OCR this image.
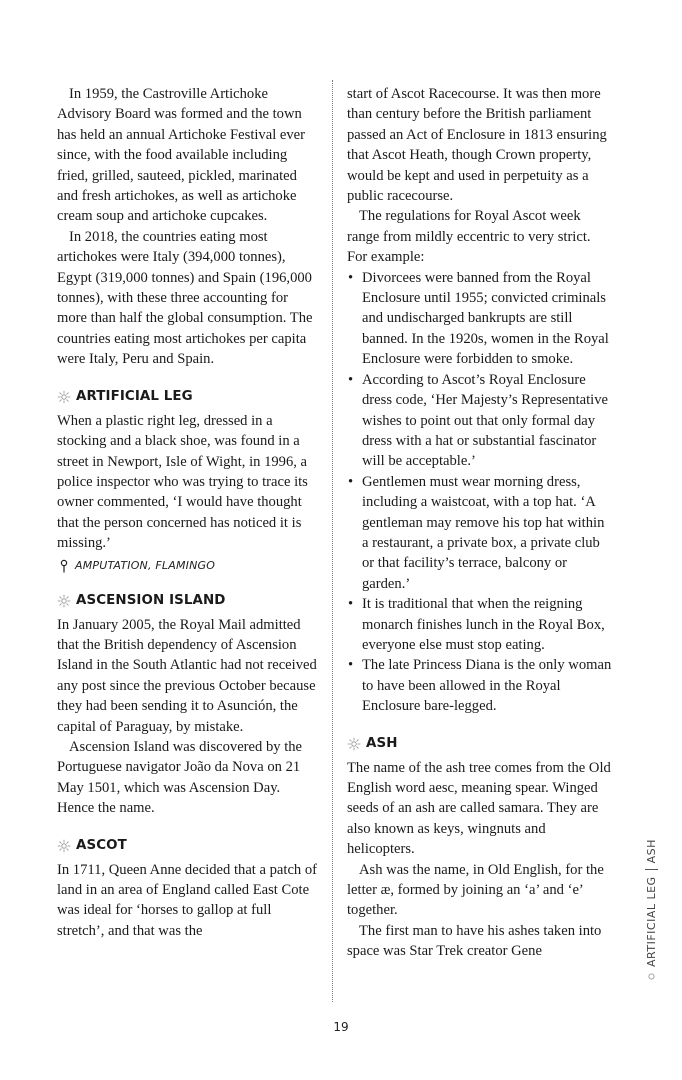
In 1959, the Castroville Artichoke Advisory Board was formed and the town has held an annual Artichoke Festival ever since, with the food available including fried, grilled, sauteed, pickled, marinated and fresh artichokes, as well as artichoke cream soup and artichoke cupcakes.

In 2018, the countries eating most artichokes were Italy (394,000 tonnes), Egypt (319,000 tonnes) and Spain (196,000 tonnes), with these three accounting for more than half the global consumption. The countries eating most artichokes per capita were Italy, Peru and Spain.

ARTIFICIAL LEG

When a plastic right leg, dressed in a stocking and a black shoe, was found in a street in Newport, Isle of Wight, in 1996, a police inspector who was trying to trace its owner commented, ‘I would have thought that the person concerned has noticed it is missing.’

AMPUTATION, FLAMINGO
ASCENSION ISLAND

In January 2005, the Royal Mail admitted that the British dependency of Ascension Island in the South Atlantic had not received any post since the previous October because they had been sending it to Asunción, the capital of Paraguay, by mistake.

Ascension Island was discovered by the Portuguese navigator João da Nova on 21 May 1501, which was Ascension Day. Hence the name.

ASCOT

In 1711, Queen Anne decided that a patch of land in an area of England called East Cote was ideal for ‘horses to gallop at full stretch’, and that was the

start of Ascot Racecourse. It was then more than century before the British parliament passed an Act of Enclosure in 1813 ensuring that Ascot Heath, though Crown property, would be kept and used in perpetuity as a public racecourse.

The regulations for Royal Ascot week range from mildly eccentric to very strict. For example:

• Divorcees were banned from the Royal Enclosure until 1955; convicted criminals and undischarged bankrupts are still banned. In the 1920s, women in the Royal Enclosure were forbidden to smoke.
• According to Ascot’s Royal Enclosure dress code, ‘Her Majesty’s Representative wishes to point out that only formal day dress with a hat or substantial fascinator will be acceptable.’
• Gentlemen must wear morning dress, including a waistcoat, with a top hat. ‘A gentleman may remove his top hat within a restaurant, a private box, a private club or that facility’s terrace, balcony or garden.’
• It is traditional that when the reigning monarch finishes lunch in the Royal Box, everyone else must stop eating.
• The late Princess Diana is the only woman to have been allowed in the Royal Enclosure bare-legged.
ASH

The name of the ash tree comes from the Old English word aesc, meaning spear. Winged seeds of an ash are called samara. They are also known as keys, wingnuts and helicopters.

Ash was the name, in Old English, for the letter æ, formed by joining an ‘a’ and ‘e’ together.

The first man to have his ashes taken into space was Star Trek creator Gene	ARTIFICIAL LEG
ASH
19
